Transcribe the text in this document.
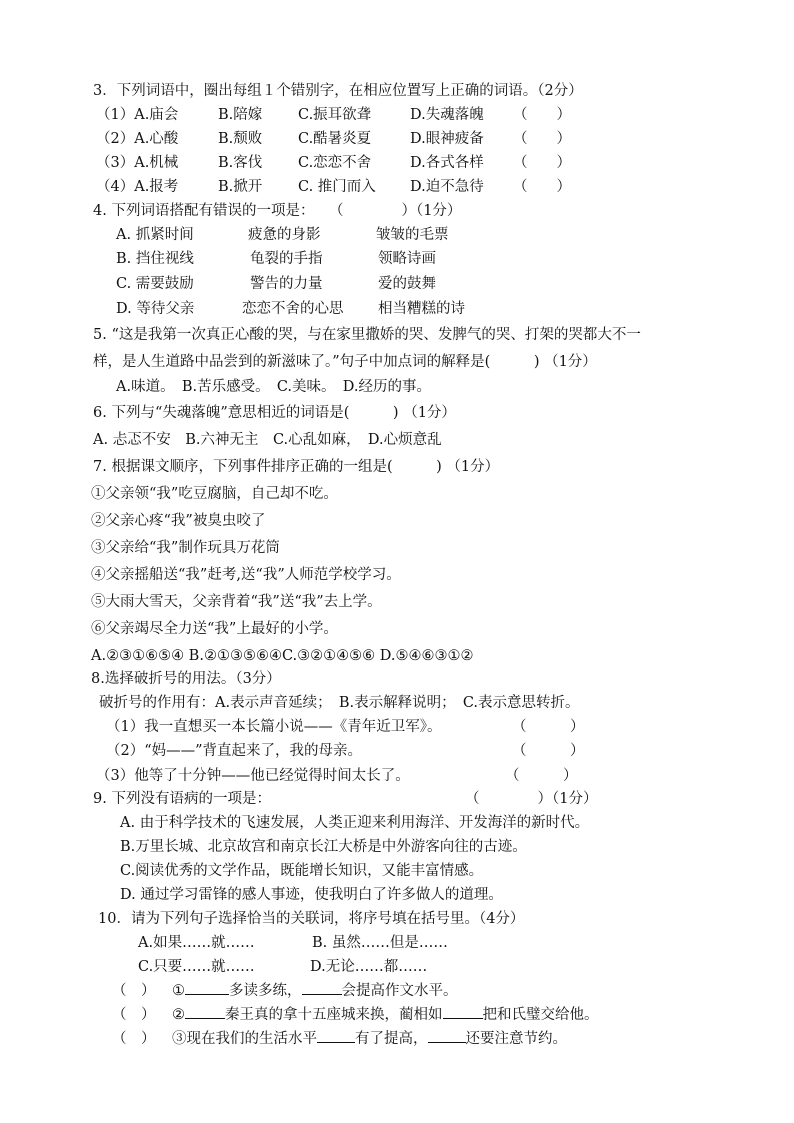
3．下列词语中，圈出每组１个错别字，在相应位置写上正确的词语。（2分）
（1）A.庙会	B.陪嫁 C.振耳欲聋	D.失魂落魄 （　　）
（2）A.心酸	B.颓败 C.酷暑炎夏	D.眼神疲备 （　　）
（3）A.机械	B.客伐 C.恋恋不舍	D.各式各样 （　　）
（4）A.报考	B.掀开 C. 推门而入 D.迫不急待 （　　）
4. 下列词语搭配有错误的一项是：　　（　　　　）（1分）
A. 抓紧时间	疲惫的身影	皱皱的毛票
B. 挡住视线	龟裂的手指	领略诗画
C. 需要鼓励	警告的力量	爱的鼓舞
D. 等待父亲	恋恋不舍的心思 相当糟糕的诗
5. “这是我第一次真正心酸的哭，与在家里撒娇的哭、发脾气的哭、打架的哭都大不一
样，是人生道路中品尝到的新滋味了。”句子中加点词的解释是(　　　) （1分）
A.味道。　B.苦乐感受。　C.美味。　D.经历的事。
6. 下列与“失魂落魄”意思相近的词语是(　　　) （1分）
A. 忐忑不安　B.六神无主　C.心乱如麻，　D.心烦意乱
7. 根据课文顺序，下列事件排序正确的一组是(　　　) （1分）
①父亲领“我”吃豆腐脑，自己却不吃。
②父亲心疼“我”被臭虫咬了
③父亲给“我”制作玩具万花筒
④父亲摇船送“我”赶考,送“我”人师范学校学习。
⑤大雨大雪天，父亲背着“我”送“我”去上学。
⑥父亲竭尽全力送“我”上最好的小学。
A.②③①⑥⑤④ B.②①③⑤⑥④C.③②①④⑤⑥ D.⑤④⑥③①②
8.选择破折号的用法。（3分）
破折号的作用有：A.表示声音延续；　B.表示解释说明；　C.表示意思转折。
（1）我一直想买一本长篇小说——《青年近卫军》。	（　　　）
（2）“妈——”背直起来了，我的母亲。	（　　　）
（3）他等了十分钟——他已经觉得时间太长了。	（　　　）
9. 下列没有语病的一项是：	（　　　　）（1分）
A. 由于科学技术的飞速发展，人类正迎来利用海洋、开发海洋的新时代。
B.万里长城、北京故宫和南京长江大桥是中外游客向往的古迹。
C.阅读优秀的文学作品，既能增长知识，又能丰富情感。
D. 通过学习雷锋的感人事迹，使我明白了许多做人的道理。
10．请为下列句子选择恰当的关联词，将序号填在括号里。（4分）
A.如果……就……	B. 虽然……但是……
C.只要……就……	D.无论……都……
（　） ①	多读多练，	会提高作文水平。
（　） ②	秦王真的拿十五座城来换，蔺相如	把和氏璧交给他。
（　） ③现在我们的生活水平	有了提高，	还要注意节约。
